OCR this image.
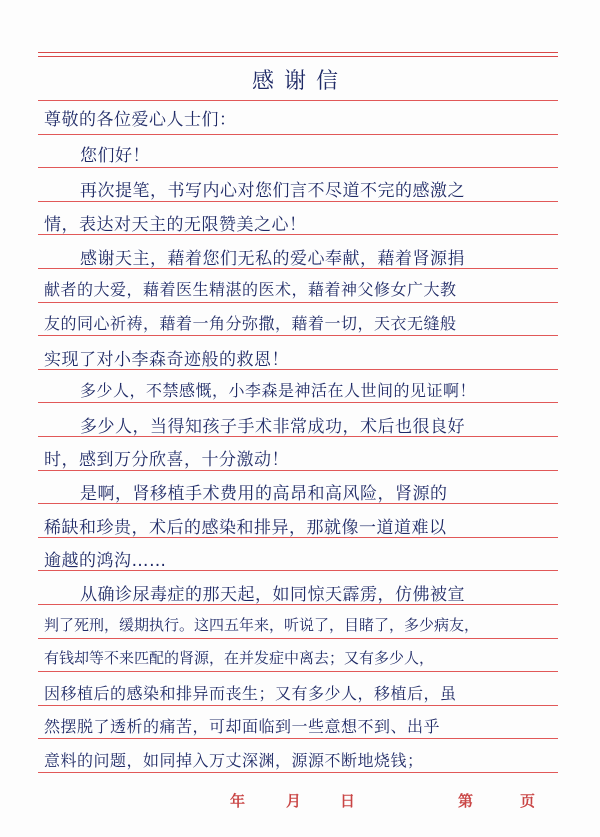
感谢信
尊敬的各位爱心人士们：
您们好！
再次提笔，书写内心对您们言不尽道不完的感激之
情，表达对天主的无限赞美之心！
感谢天主，藉着您们无私的爱心奉献，藉着肾源捐
献者的大爱，藉着医生精湛的医术，藉着神父修女广大教
友的同心祈祷，藉着一角分弥撒，藉着一切，天衣无缝般
实现了对小李森奇迹般的救恩！
多少人，不禁感慨，小李森是神活在人世间的见证啊！
多少人，当得知孩子手术非常成功，术后也很良好
时，感到万分欣喜，十分激动！
是啊，肾移植手术费用的高昂和高风险，肾源的
稀缺和珍贵，术后的感染和排异，那就像一道道难以
逾越的鸿沟……
从确诊尿毒症的那天起，如同惊天霹雳，仿佛被宣
判了死刑，缓期执行。这四五年来，听说了，目睹了，多少病友，
有钱却等不来匹配的肾源，在并发症中离去；又有多少人，
因移植后的感染和排异而丧生；又有多少人，移植后，虽
然摆脱了透析的痛苦，可却面临到一些意想不到、出乎
意料的问题，如同掉入万丈深渊，源源不断地烧钱；
年	月	日	第	页
